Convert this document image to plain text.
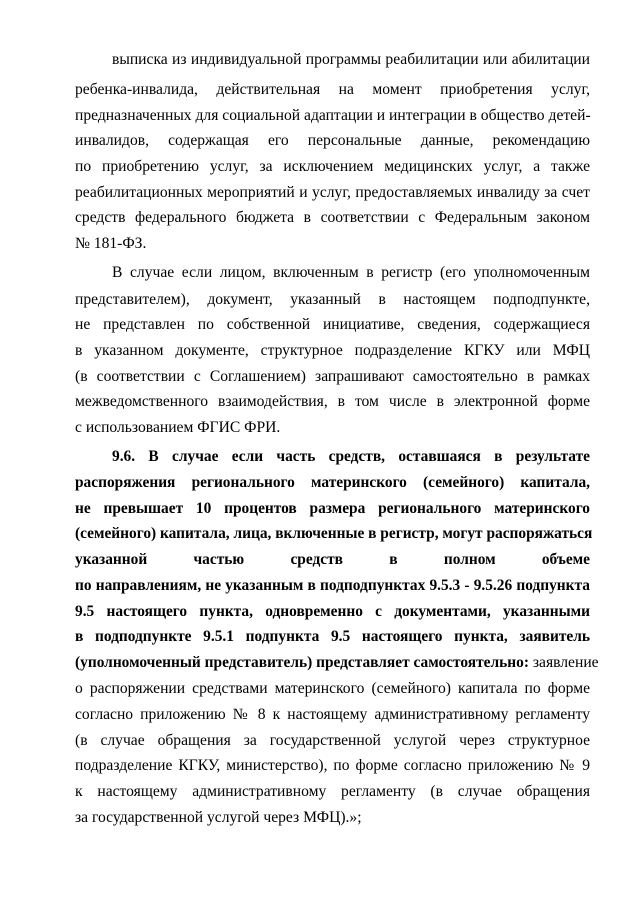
выписка из индивидуальной программы реабилитации или абилитации
ребенка-инвалида, действительная на момент приобретения услуг,
предназначенных для социальной адаптации и интеграции в общество детей-
инвалидов, содержащая его персональные данные, рекомендацию
по приобретению услуг, за исключением медицинских услуг, а также
реабилитационных мероприятий и услуг, предоставляемых инвалиду за счет
средств федерального бюджета в соответствии с Федеральным законом
№ 181-ФЗ.
В случае если лицом, включенным в регистр (его уполномоченным
представителем), документ, указанный в настоящем подподпункте,
не представлен по собственной инициативе, сведения, содержащиеся
в указанном документе, структурное подразделение КГКУ или МФЦ
(в соответствии с Соглашением) запрашивают самостоятельно в рамках
межведомственного взаимодействия, в том числе в электронной форме
с использованием ФГИС ФРИ.
9.6. В случае если часть средств, оставшаяся в результате
распоряжения регионального материнского (семейного) капитала,
не превышает 10 процентов размера регионального материнского
(семейного) капитала, лица, включенные в регистр, могут распоряжаться
указанной частью средств в полном объеме
по направлениям, не указанным в подподпунктах 9.5.3 - 9.5.26 подпункта
9.5 настоящего пункта, одновременно с документами, указанными
в подподпункте 9.5.1 подпункта 9.5 настоящего пункта, заявитель
(уполномоченный представитель) представляет самостоятельно: заявление
о распоряжении средствами материнского (семейного) капитала по форме
согласно приложению № 8 к настоящему административному регламенту
(в случае обращения за государственной услугой через структурное
подразделение КГКУ, министерство), по форме согласно приложению № 9
к настоящему административному регламенту (в случае обращения
за государственной услугой через МФЦ).»;
